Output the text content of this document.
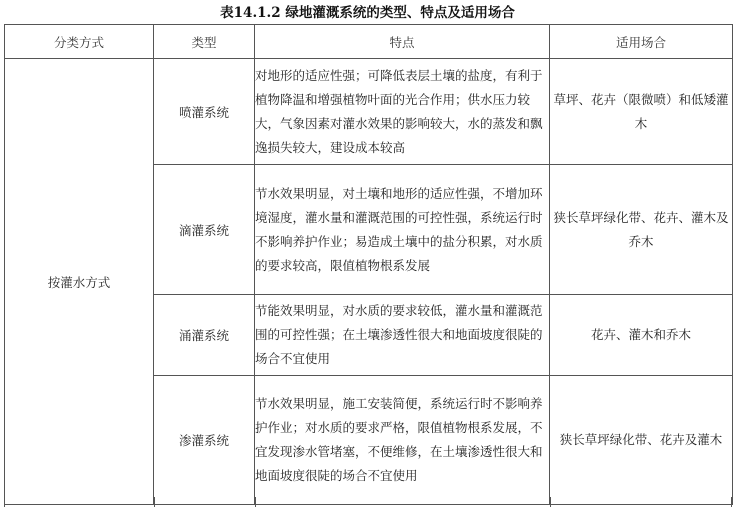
表14.1.2 绿地灌溉系统的类型、特点及适用场合
分类方式	类型	特点	适用场合
按灌水方式	喷灌系统	对地形的适应性强；可降低表层土壤的盐度，有利于植物降温和增强植物叶面的光合作用；供水压力较大，气象因素对灌水效果的影响较大，水的蒸发和飘逸损失较大，建设成本较高	草坪、花卉（限微喷）和低矮灌木
	滴灌系统	节水效果明显，对土壤和地形的适应性强，不增加环境湿度，灌水量和灌溉范围的可控性强，系统运行时不影响养护作业；易造成土壤中的盐分积累，对水质的要求较高，限值植物根系发展	狭长草坪绿化带、花卉、灌木及乔木
	涌灌系统	节能效果明显，对水质的要求较低，灌水量和灌溉范围的可控性强；在土壤渗透性很大和地面坡度很陡的场合不宜使用	花卉、灌木和乔木
	渗灌系统	节水效果明显，施工安装简便，系统运行时不影响养护作业；对水质的要求严格，限值植物根系发展，不宜发现渗水管堵塞，不便维修，在土壤渗透性很大和地面坡度很陡的场合不宜使用	狭长草坪绿化带、花卉及灌木
